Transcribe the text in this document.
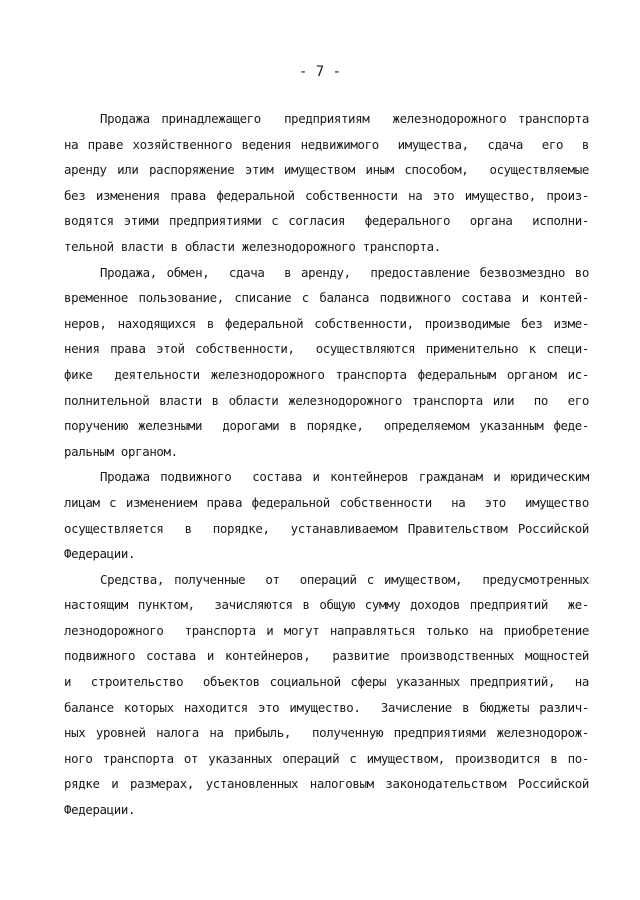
- 7 -
Продажа принадлежащего  предприятиям  железнодорожного транспорта
на праве хозяйственного ведения недвижимого  имущества,  сдача  его  в
аренду или распоряжение этим имуществом иным способом,  осуществляемые
без изменения права федеральной собственности на это имущество, произ-
водятся этими предприятиями с согласия  федерального  органа  исполни-
тельной власти в области железнодорожного транспорта.
Продажа, обмен,  сдача  в аренду,  предоставление безвозмездно во
временное пользование, списание с баланса подвижного состава и контей-
неров, находящихся в федеральной собственности, производимые без изме-
нения права этой собственности,  осуществляются применительно к специ-
фике  деятельности железнодорожного транспорта федеральным органом ис-
полнительной власти в области железнодорожного транспорта или  по  его
поручению железными  дорогами в порядке,  определяемом указанным феде-
ральным органом.
Продажа подвижного  состава и контейнеров гражданам и юридическим
лицам с изменением права федеральной собственности  на  это  имущество
осуществляется  в  порядке,  устанавливаемом Правительством Российской
Федерации.
Средства, полученные  от  операций с имуществом,  предусмотренных
настоящим пунктом,  зачисляются в общую сумму доходов предприятий  же-
лезнодорожного  транспорта и могут направляться только на приобретение
подвижного состава и контейнеров,  развитие производственных мощностей
и  строительство  объектов социальной сферы указанных предприятий,  на
балансе которых находится это имущество.  Зачисление в бюджеты различ-
ных уровней налога на прибыль,  полученную предприятиями железнодорож-
ного транспорта от указанных операций с имуществом, производится в по-
рядке и размерах, установленных налоговым законодательством Российской
Федерации.
